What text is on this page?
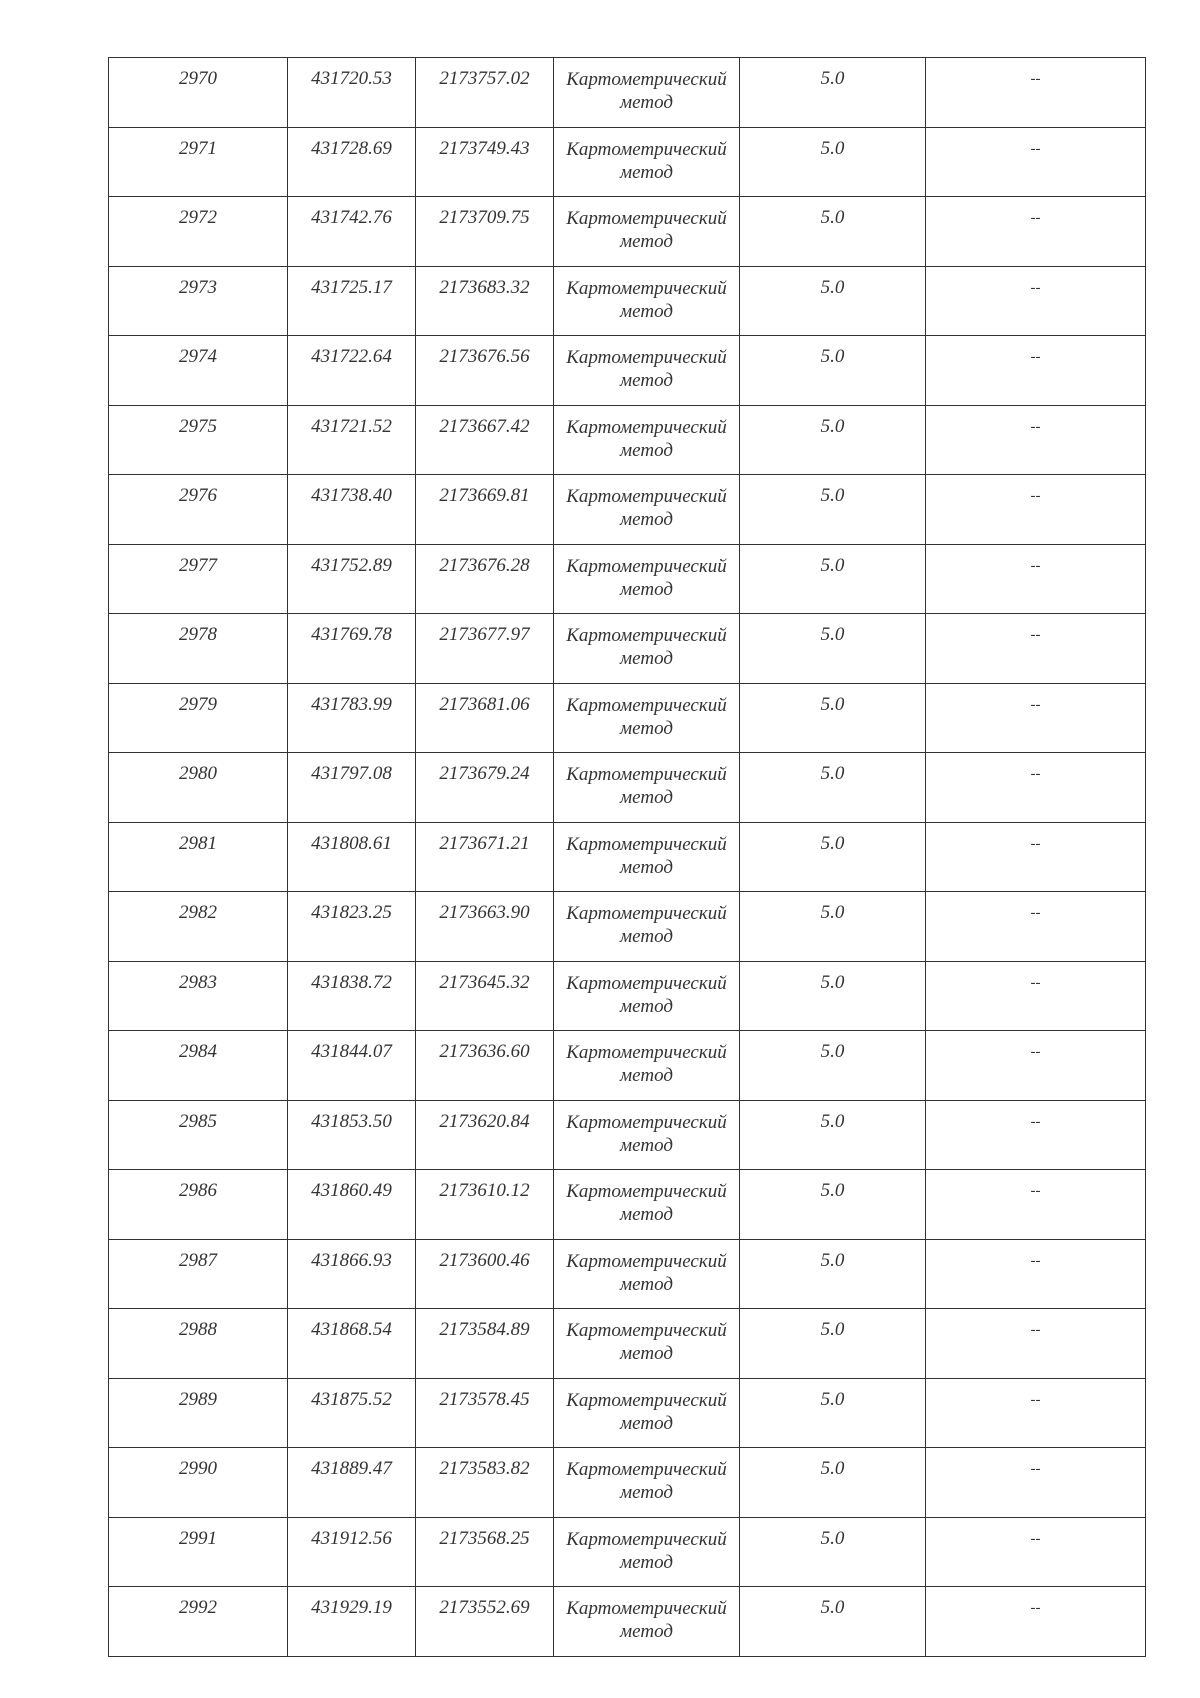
2970	431720.53	2173757.02	Картометрический
метод	5.0	--

2971	431728.69	2173749.43	Картометрический
метод	5.0	--

2972	431742.76	2173709.75	Картометрический
метод	5.0	--

2973	431725.17	2173683.32	Картометрический
метод	5.0	--

2974	431722.64	2173676.56	Картометрический
метод	5.0	--

2975	431721.52	2173667.42	Картометрический
метод	5.0	--

2976	431738.40	2173669.81	Картометрический
метод	5.0	--

2977	431752.89	2173676.28	Картометрический
метод	5.0	--

2978	431769.78	2173677.97	Картометрический
метод	5.0	--

2979	431783.99	2173681.06	Картометрический
метод	5.0	--

2980	431797.08	2173679.24	Картометрический
метод	5.0	--

2981	431808.61	2173671.21	Картометрический
метод	5.0	--

2982	431823.25	2173663.90	Картометрический
метод	5.0	--

2983	431838.72	2173645.32	Картометрический
метод	5.0	--

2984	431844.07	2173636.60	Картометрический
метод	5.0	--

2985	431853.50	2173620.84	Картометрический
метод	5.0	--

2986	431860.49	2173610.12	Картометрический
метод	5.0	--

2987	431866.93	2173600.46	Картометрический
метод	5.0	--

2988	431868.54	2173584.89	Картометрический
метод	5.0	--

2989	431875.52	2173578.45	Картометрический
метод	5.0	--

2990	431889.47	2173583.82	Картометрический
метод	5.0	--

2991	431912.56	2173568.25	Картометрический
метод	5.0	--

2992	431929.19	2173552.69	Картометрический
метод	5.0	--
